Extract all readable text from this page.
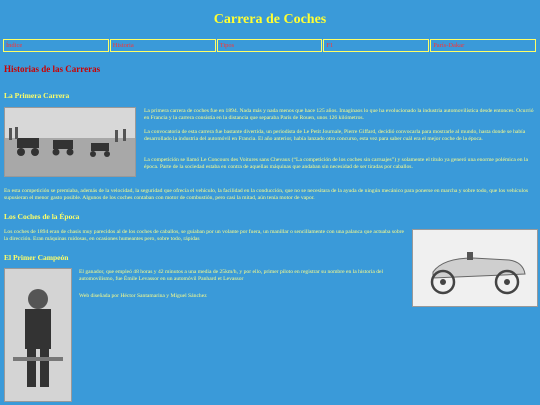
Carrera de Coches
Índice	Historia	Tipos	F1	París-Dakar
Historias de las Carreras
La Primera Carrera
La primera carrera de coches fue en 1894. Nada más y nada menos que hace 125 años. Imaginaos lo que ha evolucionado la industria automovilística desde entonces. Ocurrió en Francia y la carrera consistía en la distancia que separaba París de Rouen, unos 126 kilómetros.
La convocatoria de esta carrera fue bastante divertida, un periodista de Le Petit Journale, Pierre Giffard, decidió convocarla para mostrarle al mundo, hasta donde se había desarrollado la industria del automóvil en Francia. El año anterior, había lanzado otro concurso, esta vez para saber cuál era el mejor coche de la época.
La competición se llamó Le Concours des Voitures sans Chevaux (“La competición de los coches sin carruajes”) y solamente el título ya generó una enorme polémica en la época. Parte de la sociedad estaba en contra de aquellas máquinas que andaban sin necesidad de ser tiradas por caballos.
En esta competición se premiaba, además de la velocidad, la seguridad que ofrecía el vehículo, la facilidad en la conducción, que no se necesitara de la ayuda de ningún mecánico para ponerse en marcha y sobre todo, que los vehículos supusieran el menor gasto posible. Algunos de los coches contaban con motor de combustión, pero casi la mitad, aún tenía motor de vapor.
Los Coches de la Época
Los coches de 1894 eran de chasis muy parecidos al de los coches de caballos, se guiaban por un volante por fuera, un manillar o sencillamente con una palanca que actuaba sobre la dirección. Eran máquinas ruidosas, en ocasiones humeantes pero, sobre todo, rápidas
El Primer Campeón
El ganador, que empleó 48 horas y 42 minutos a una media de 25km/h, y por ello, primer piloto en registrar su nombre en la historia del automovilismo, fue Émile Levassor en un automóvil Panhard et Levassor
Web diseñada por Héctor Santamarina y Miguel Sánchez
